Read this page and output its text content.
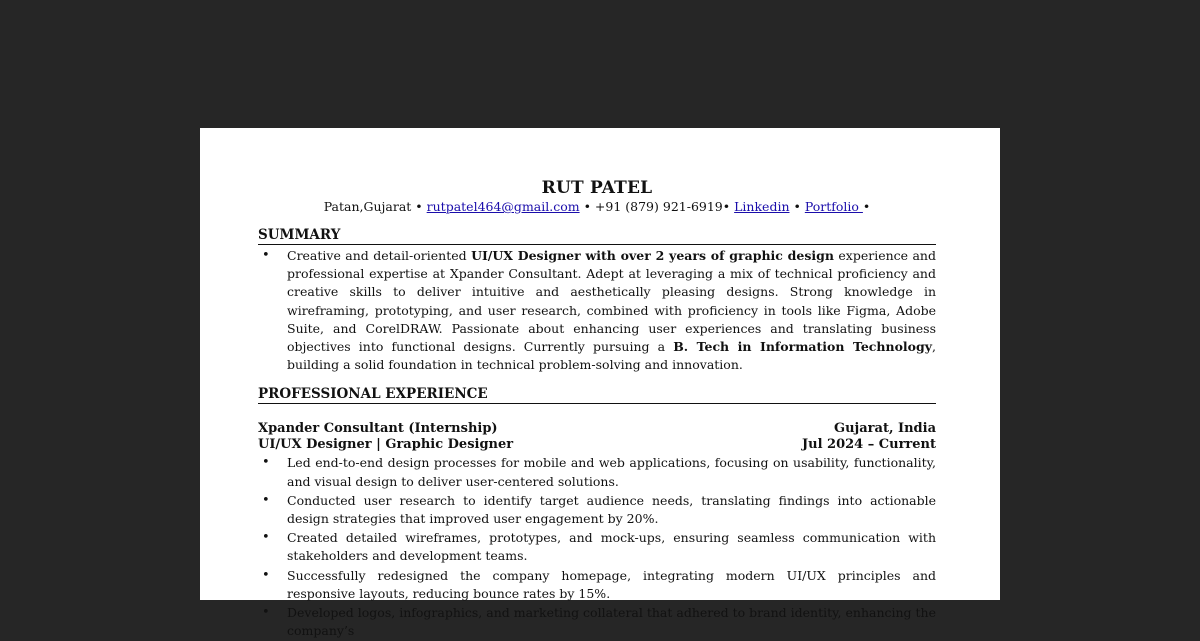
RUT PATEL
Patan,Gujarat • rutpatel464@gmail.com • +91 (879) 921-6919• Linkedin • Portfolio •
SUMMARY
• Creative and detail-oriented UI/UX Designer with over 2 years of graphic design experience and professional expertise at Xpander Consultant. Adept at leveraging a mix of technical proficiency and creative skills to deliver intuitive and aesthetically pleasing designs. Strong knowledge in wireframing, prototyping, and user research, combined with proficiency in tools like Figma, Adobe Suite, and CorelDRAW. Passionate about enhancing user experiences and translating business objectives into functional designs. Currently pursuing a B. Tech in Information Technology, building a solid foundation in technical problem-solving and innovation.
PROFESSIONAL EXPERIENCE
Xpander Consultant (Internship)	Gujarat, India
UI/UX Designer | Graphic Designer	Jul 2024 – Current
• Led end-to-end design processes for mobile and web applications, focusing on usability, functionality, and visual design to deliver user-centered solutions.
• Conducted user research to identify target audience needs, translating findings into actionable design strategies that improved user engagement by 20%.
• Created detailed wireframes, prototypes, and mock-ups, ensuring seamless communication with stakeholders and development teams.
• Successfully redesigned the company homepage, integrating modern UI/UX principles and responsive layouts, reducing bounce rates by 15%.
• Developed logos, infographics, and marketing collateral that adhered to brand identity, enhancing the company’s
